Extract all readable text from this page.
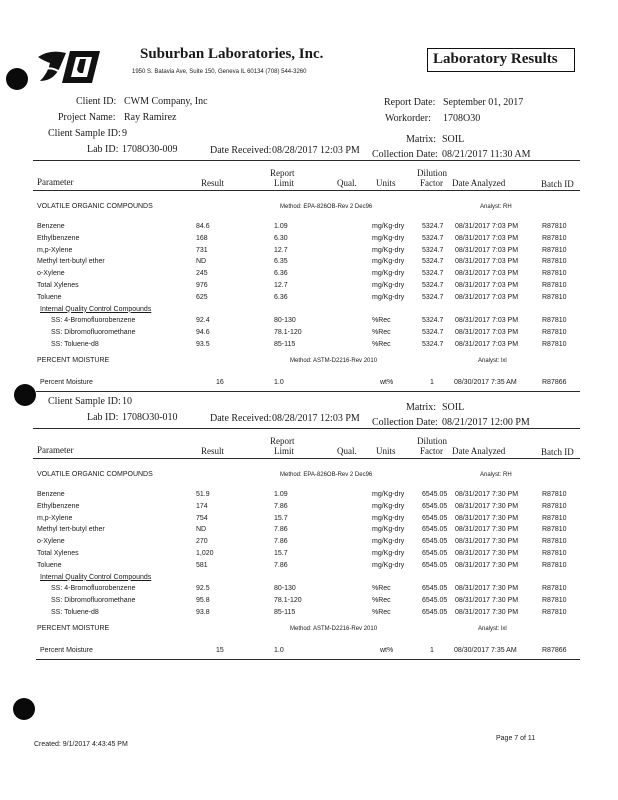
Suburban Laboratories, Inc.
1950 S. Batavia Ave, Suite 150, Geneva IL 60134 (708) 544-3260
Laboratory Results
Client ID: CWM Company, Inc
Project Name: Ray Ramirez
Report Date: September 01, 2017
Workorder: 1708O30
Client Sample ID: 9
Lab ID: 1708O30-009	Date Received: 08/28/2017 12:03 PM
Matrix: SOIL
Collection Date: 08/21/2017 11:30 AM
Parameter	Result
Report
Limit	Qual. Units
Dilution
Factor Date Analyzed	Batch ID
VOLATILE ORGANIC COMPOUNDS	Method: EPA-826OB-Rev 2 Dec96	Analyst: RH
Benzene	84.6	1.09	mg/Kg-dry	5324.7 08/31/2017 7:03 PM	R87810
Ethylbenzene	168	6.30	mg/Kg-dry	5324.7 08/31/2017 7:03 PM	R87810
m,p-Xylene	731	12.7	mg/Kg-dry	5324.7 08/31/2017 7:03 PM	R87810
Methyl tert-butyl ether	ND	6.35	mg/Kg-dry	5324.7 08/31/2017 7:03 PM	R87810
o-Xylene	245	6.36	mg/Kg-dry	5324.7 08/31/2017 7:03 PM	R87810
Total Xylenes	976	12.7	mg/Kg-dry	5324.7 08/31/2017 7:03 PM	R87810
Toluene	625	6.36	mg/Kg-dry	5324.7 08/31/2017 7:03 PM	R87810
Internal Quality Control Compounds
SS: 4-Bromofluorobenzene	92.4	80-130	%Rec	5324.7 08/31/2017 7:03 PM	R87810
SS: Dibromofluoromethane	94.6	78.1-120	%Rec	5324.7 08/31/2017 7:03 PM	R87810
SS: Toluene-d8	93.5	85-115	%Rec	5324.7 08/31/2017 7:03 PM	R87810
PERCENT MOISTURE	Method: ASTM-D2216-Rev 2010	Analyst: lxl
Percent Moisture	16	1.0	wt%	1	08/30/2017 7:35 AM	R87866
Client Sample ID: 10
Lab ID: 1708O30-010	Date Received: 08/28/2017 12:03 PM
Matrix: SOIL
Collection Date: 08/21/2017 12:00 PM
Parameter	Result
Report
Limit	Qual. Units
Dilution
Factor Date Analyzed	Batch ID
VOLATILE ORGANIC COMPOUNDS	Method: EPA-826OB-Rev 2 Dec96	Analyst: RH
Benzene	51.9	1.09	mg/Kg-dry	6545.05 08/31/2017 7:30 PM	R87810
Ethylbenzene	174	7.86	mg/Kg-dry	6545.05 08/31/2017 7:30 PM	R87810
m,p-Xylene	754	15.7	mg/Kg-dry	6545.05 08/31/2017 7:30 PM	R87810
Methyl tert-butyl ether	ND	7.86	mg/Kg-dry	6545.05 08/31/2017 7:30 PM	R87810
o-Xylene	270	7.86	mg/Kg-dry	6545.05 08/31/2017 7:30 PM	R87810
Total Xylenes	1,020	15.7	mg/Kg-dry	6545.05 08/31/2017 7:30 PM	R87810
Toluene	581	7.86	mg/Kg-dry	6545.05 08/31/2017 7:30 PM	R87810
Internal Quality Control Compounds
SS: 4-Bromofluorobenzene	92.5	80-130	%Rec	6545.05 08/31/2017 7:30 PM	R87810
SS: Dibromofluoromethane	95.8	78.1-120	%Rec	6545.05 08/31/2017 7:30 PM	R87810
SS: Toluene-d8	93.8	85-115	%Rec	6545.05 08/31/2017 7:30 PM	R87810
PERCENT MOISTURE	Method: ASTM-D2216-Rev 2010	Analyst: lxl
Percent Moisture	15	1.0	wt%	1	08/30/2017 7:35 AM	R87866
Created: 9/1/2017 4:43:45 PM
Page 7 of 11
